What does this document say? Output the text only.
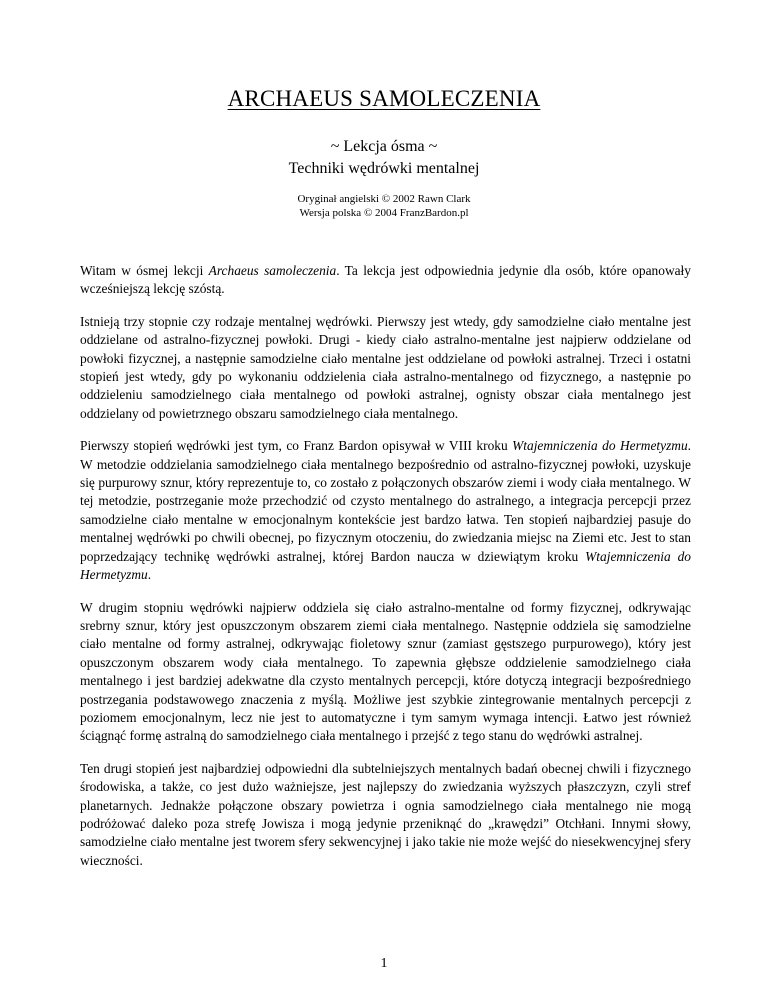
ARCHAEUS SAMOLECZENIA
~ Lekcja ósma ~
Techniki wędrówki mentalnej
Oryginał angielski © 2002 Rawn Clark
Wersja polska © 2004 FranzBardon.pl

Witam w ósmej lekcji Archaeus samoleczenia. Ta lekcja jest odpowiednia jedynie dla osób, które opanowały wcześniejszą lekcję szóstą.

Istnieją trzy stopnie czy rodzaje mentalnej wędrówki. Pierwszy jest wtedy, gdy samodzielne ciało mentalne jest oddzielane od astralno-fizycznej powłoki. Drugi - kiedy ciało astralno-mentalne jest najpierw oddzielane od powłoki fizycznej, a następnie samodzielne ciało mentalne jest oddzielane od powłoki astralnej. Trzeci i ostatni stopień jest wtedy, gdy po wykonaniu oddzielenia ciała astralno-mentalnego od fizycznego, a następnie po oddzieleniu samodzielnego ciała mentalnego od powłoki astralnej, ognisty obszar ciała mentalnego jest oddzielany od powietrznego obszaru samodzielnego ciała mentalnego.

Pierwszy stopień wędrówki jest tym, co Franz Bardon opisywał w VIII kroku Wtajemniczenia do Hermetyzmu. W metodzie oddzielania samodzielnego ciała mentalnego bezpośrednio od astralno-fizycznej powłoki, uzyskuje się purpurowy sznur, który reprezentuje to, co zostało z połączonych obszarów ziemi i wody ciała mentalnego. W tej metodzie, postrzeganie może przechodzić od czysto mentalnego do astralnego, a integracja percepcji przez samodzielne ciało mentalne w emocjonalnym kontekście jest bardzo łatwa. Ten stopień najbardziej pasuje do mentalnej wędrówki po chwili obecnej, po fizycznym otoczeniu, do zwiedzania miejsc na Ziemi etc. Jest to stan poprzedzający technikę wędrówki astralnej, której Bardon naucza w dziewiątym kroku Wtajemniczenia do Hermetyzmu.

W drugim stopniu wędrówki najpierw oddziela się ciało astralno-mentalne od formy fizycznej, odkrywając srebrny sznur, który jest opuszczonym obszarem ziemi ciała mentalnego. Następnie oddziela się samodzielne ciało mentalne od formy astralnej, odkrywając fioletowy sznur (zamiast gęstszego purpurowego), który jest opuszczonym obszarem wody ciała mentalnego. To zapewnia głębsze oddzielenie samodzielnego ciała mentalnego i jest bardziej adekwatne dla czysto mentalnych percepcji, które dotyczą integracji bezpośredniego postrzegania podstawowego znaczenia z myślą. Możliwe jest szybkie zintegrowanie mentalnych percepcji z poziomem emocjonalnym, lecz nie jest to automatyczne i tym samym wymaga intencji. Łatwo jest również ściągnąć formę astralną do samodzielnego ciała mentalnego i przejść z tego stanu do wędrówki astralnej.

Ten drugi stopień jest najbardziej odpowiedni dla subtelniejszych mentalnych badań obecnej chwili i fizycznego środowiska, a także, co jest dużo ważniejsze, jest najlepszy do zwiedzania wyższych płaszczyzn, czyli stref planetarnych. Jednakże połączone obszary powietrza i ognia samodzielnego ciała mentalnego nie mogą podróżować daleko poza strefę Jowisza i mogą jedynie przeniknąć do „krawędzi” Otchłani. Innymi słowy, samodzielne ciało mentalne jest tworem sfery sekwencyjnej i jako takie nie może wejść do niesekwencyjnej sfery wieczności.

1
